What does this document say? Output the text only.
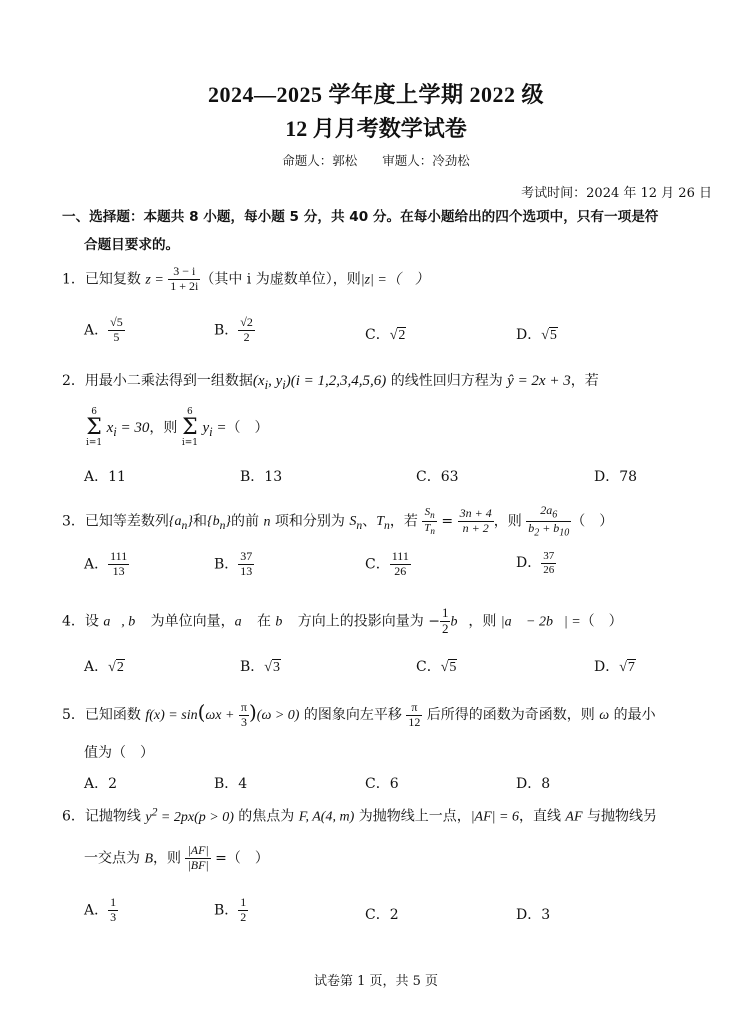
2024—2025 学年度上学期 2022 级
12 月月考数学试卷
命题人：郭松　　审题人：冷劲松
考试时间：2024 年 12 月 26 日
一、选择题：本题共 8 小题，每小题 5 分，共 40 分。在每小题给出的四个选项中，只有一项是符
合题目要求的。
1．已知复数 $z = \frac{3 - i}{1 + 2i}$ （其中 i 为虚数单位），则|z| =（　）
A． $\frac{√5}{5}$	B． $\frac{√2}{2}$	C．√2	D．√5
2．用最小二乘法得到一组数据($x_i$, $y_i)(i = 1,2,3,4,5,6)$ 的线性回归方程为 ŷ = 2x + 3，若
6
Σ
i=1 $x_i = 30$，则 6
Σ
i=1 $y_i$ =（　）
A．11	B．13	C．63	D．78
3．已知等差数列$\{a_n\}$和$\{b_n\}$的前 n 项和分别为 $S_n$、$T_n$，若 $\frac{S_n}{T_n} = \frac{3n + 4}{n + 2}$ ，则 $\frac{2a_6}{b_2 + b_{10}}$ （　）
A． $\frac{111}{13}$	B． $\frac{37}{13}$	C． $\frac{111}{26}$	D． $\frac{37}{26}$
4．设 a⃗, b⃗ 为单位向量，a⃗ 在 b⃗ 方向上的投影向量为 − $\frac{1}{2}$ b⃗，则 |a⃗ − 2b⃗| =（　）
A．√2	B．√3	C．√5	D．√7
5．已知函数 $f(x) = \sin(\omega x + \frac{\pi}{3} )(\omega > 0)$ 的图象向左平移 $\frac{\pi}{12}$ 后所得的函数为奇函数，则 ω 的最小
值为（　）
A．2	B．4	C．6	D．8
6．记抛物线 $y^2 = 2px(p > 0)$ 的焦点为 F, A(4, m) 为抛物线上一点，|AF| = 6，直线 AF 与抛物线另
一交点为 B，则 $\frac{|AF|}{|BF|}$ =（　）
A． $\frac{1}{3}$	B． $\frac{1}{2}$	C．2	D．3
试卷第 1 页，共 5 页
